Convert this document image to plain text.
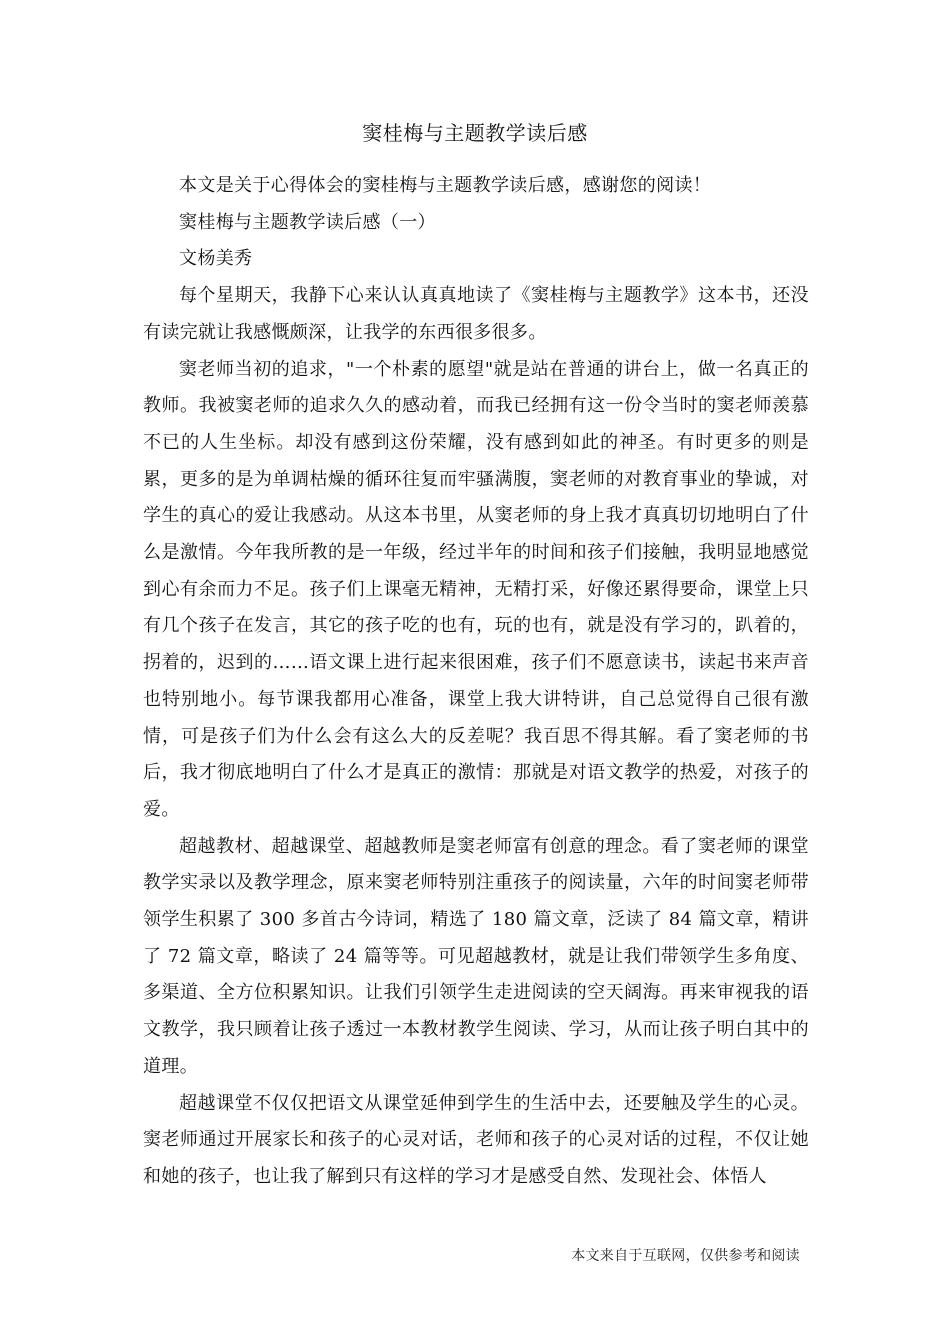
窦桂梅与主题教学读后感

本文是关于心得体会的窦桂梅与主题教学读后感，感谢您的阅读！

窦桂梅与主题教学读后感（一）

文杨美秀

每个星期天，我静下心来认认真真地读了《窦桂梅与主题教学》这本书，还没有读完就让我感慨颇深，让我学的东西很多很多。

窦老师当初的追求，"一个朴素的愿望"就是站在普通的讲台上，做一名真正的教师。我被窦老师的追求久久的感动着，而我已经拥有这一份令当时的窦老师羡慕不已的人生坐标。却没有感到这份荣耀，没有感到如此的神圣。有时更多的则是累，更多的是为单调枯燥的循环往复而牢骚满腹，窦老师的对教育事业的挚诚，对学生的真心的爱让我感动。从这本书里，从窦老师的身上我才真真切切地明白了什么是激情。今年我所教的是一年级，经过半年的时间和孩子们接触，我明显地感觉到心有余而力不足。孩子们上课毫无精神，无精打采，好像还累得要命，课堂上只有几个孩子在发言，其它的孩子吃的也有，玩的也有，就是没有学习的，趴着的，拐着的，迟到的……语文课上进行起来很困难，孩子们不愿意读书，读起书来声音也特别地小。每节课我都用心准备，课堂上我大讲特讲，自己总觉得自己很有激情，可是孩子们为什么会有这么大的反差呢？我百思不得其解。看了窦老师的书后，我才彻底地明白了什么才是真正的激情：那就是对语文教学的热爱，对孩子的爱。

超越教材、超越课堂、超越教师是窦老师富有创意的理念。看了窦老师的课堂教学实录以及教学理念，原来窦老师特别注重孩子的阅读量，六年的时间窦老师带领学生积累了 300 多首古今诗词，精选了 180 篇文章，泛读了 84 篇文章，精讲了 72 篇文章，略读了 24 篇等等。可见超越教材，就是让我们带领学生多角度、多渠道、全方位积累知识。让我们引领学生走进阅读的空天阔海。再来审视我的语文教学，我只顾着让孩子透过一本教材教学生阅读、学习，从而让孩子明白其中的道理。

超越课堂不仅仅把语文从课堂延伸到学生的生活中去，还要触及学生的心灵。窦老师通过开展家长和孩子的心灵对话，老师和孩子的心灵对话的过程，不仅让她和她的孩子，也让我了解到只有这样的学习才是感受自然、发现社会、体悟人

本文来自于互联网，仅供参考和阅读
